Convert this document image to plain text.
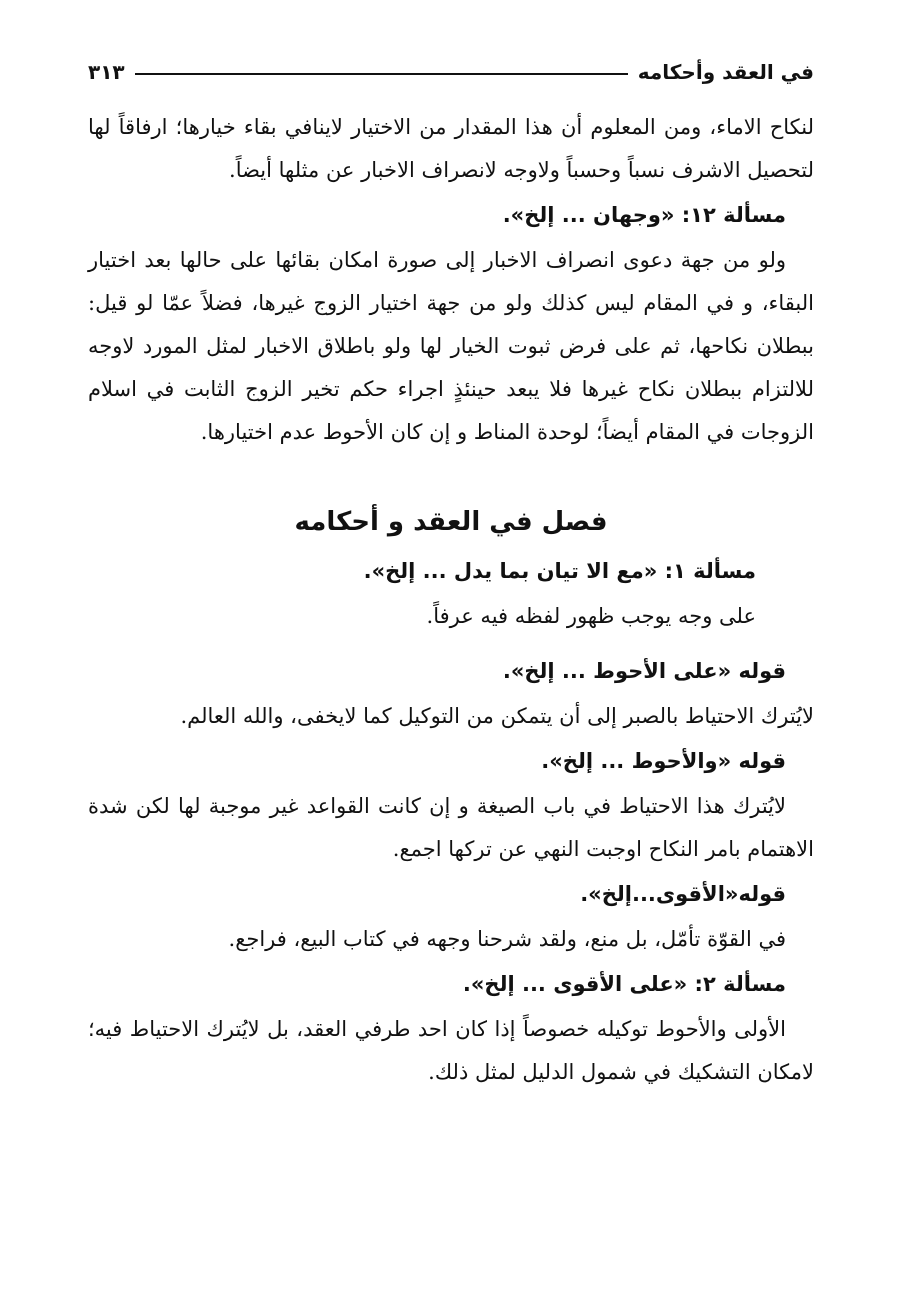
في العقد وأحكامه
٣١٣

لنكاح الاماء، ومن المعلوم أن هذا المقدار من الاختيار لاينافي بقاء خيارها؛ ارفاقاً لها لتحصيل الاشرف نسباً وحسباً ولاوجه لانصراف الاخبار عن مثلها أيضاً.

مسألة ١٢: «وجهان ... إلخ».

ولو من جهة دعوى انصراف الاخبار إلى صورة امكان بقائها على حالها بعد اختيار البقاء، و في المقام ليس كذلك ولو من جهة اختيار الزوج غيرها، فضلاً عمّا لو قيل: ببطلان نكاحها، ثم على فرض ثبوت الخيار لها ولو باطلاق الاخبار لمثل المورد لاوجه للالتزام ببطلان نكاح غيرها فلا يبعد حينئذٍ اجراء حكم تخير الزوج الثابت في اسلام الزوجات في المقام أيضاً؛ لوحدة المناط و إن كان الأحوط عدم اختيارها.

فصل في العقد و أحكامه
مسألة ١: «مع الا تيان بما يدل ... إلخ».

على وجه يوجب ظهور لفظه فيه عرفاً.

قوله «على الأحوط ... إلخ».

لايُترك الاحتياط بالصبر إلى أن يتمكن من التوكيل كما لايخفى، والله العالم.

قوله «والأحوط ... إلخ».

لايُترك هذا الاحتياط في باب الصيغة و إن كانت القواعد غير موجبة لها لكن شدة الاهتمام بامر النكاح اوجبت النهي عن تركها اجمع.

قوله«الأقوى...إلخ».

في القوّة تأمّل، بل منع، ولقد شرحنا وجهه في كتاب البيع، فراجع.

مسألة ٢: «على الأقوى ... إلخ».

الأولى والأحوط توكيله خصوصاً إذا كان احد طرفي العقد، بل لايُترك الاحتياط فيه؛ لامكان التشكيك في شمول الدليل لمثل ذلك.
